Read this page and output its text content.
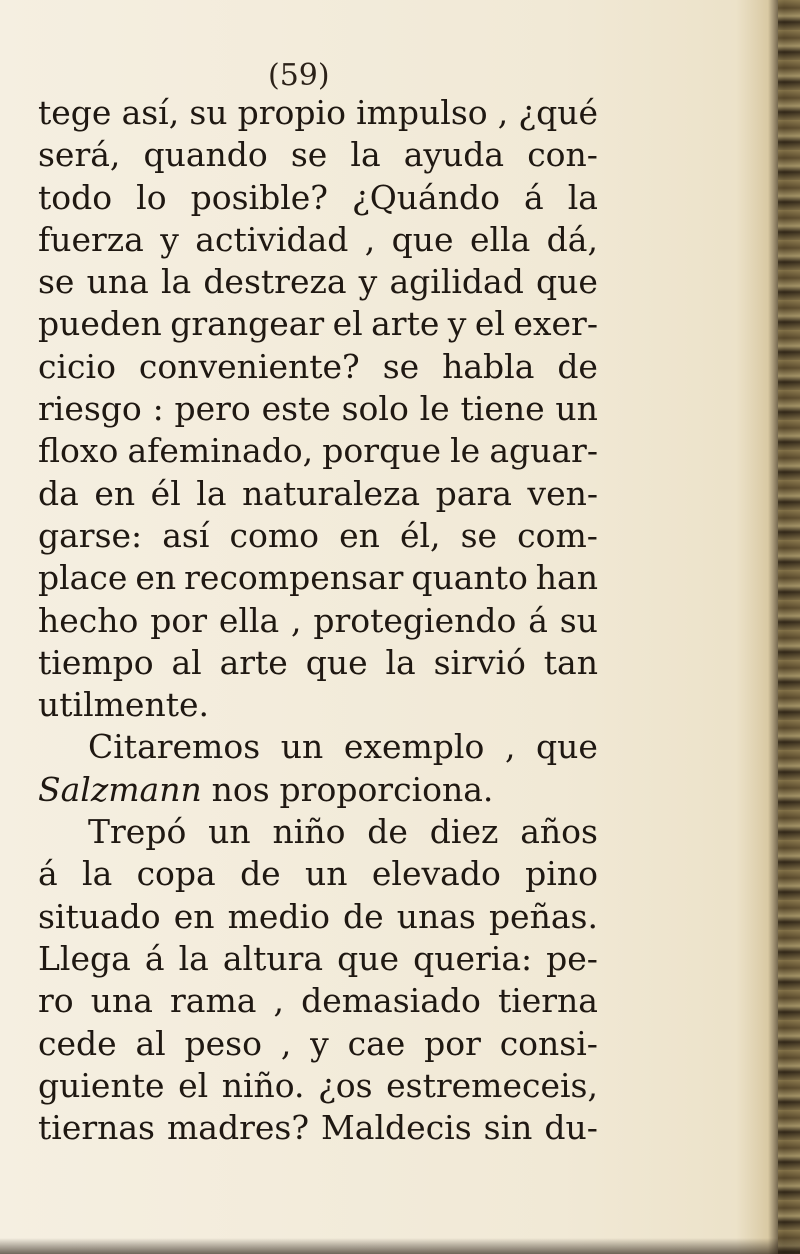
(59)
tege así, su propio impulso , ¿qué
será, quando se la ayuda con-
todo lo posible? ¿Quándo á la
fuerza y actividad , que ella dá,
se una la destreza y agilidad que
pueden grangear el arte y el exer-
cicio conveniente? se habla de
riesgo : pero este solo le tiene un
floxo afeminado, porque le aguar-
da en él la naturaleza para ven-
garse: así como en él, se com-
place en recompensar quanto han
hecho por ella , protegiendo á su
tiempo al arte que la sirvió tan
utilmente.
Citaremos un exemplo , que
Salzmann nos proporciona.
Trepó un niño de diez años
á la copa de un elevado pino
situado en medio de unas peñas.
Llega á la altura que queria: pe-
ro una rama , demasiado tierna
cede al peso , y cae por consi-
guiente el niño. ¿os estremeceis,
tiernas madres? Maldecis sin du-
